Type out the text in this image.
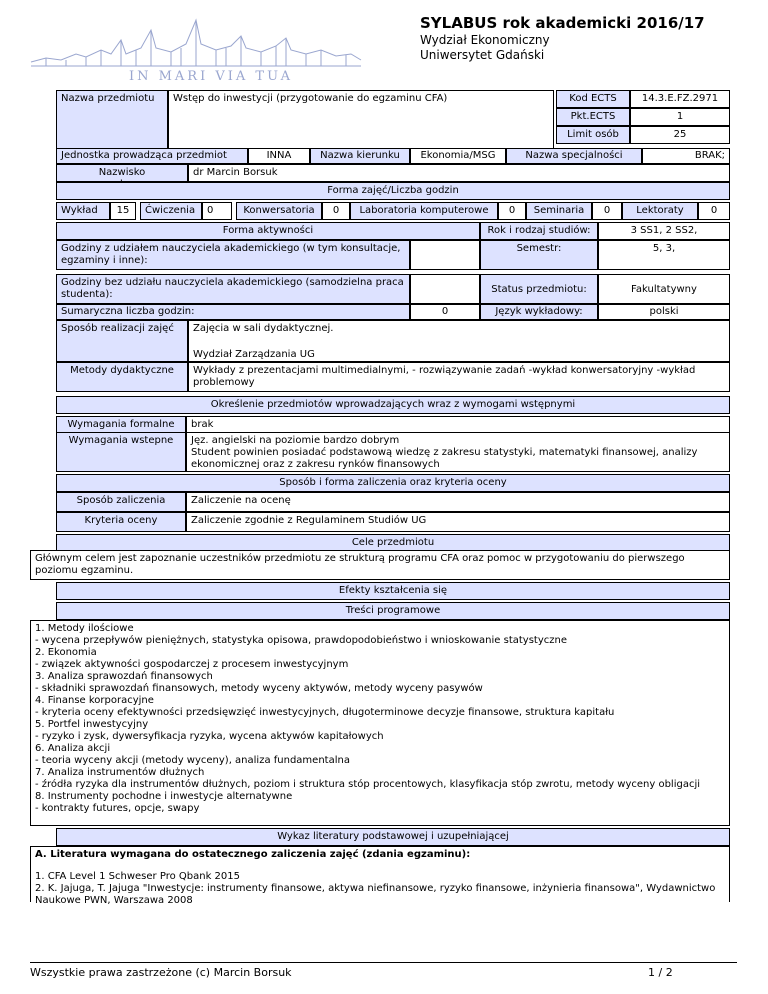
IN MARI VIA TUA
SYLABUS rok akademicki 2016/17
Wydział Ekonomiczny
Uniwersytet Gdański
Nazwa przedmiotu	Wstęp do inwestycji (przygotowanie do egzaminu CFA)	Kod ECTS	14.3.E.FZ.2971
Pkt.ECTS	1
Limit osób	25
Jednostka prowadząca przedmiot	INNA	Nazwa kierunku	Ekonomia/MSG	Nazwa specjalności	BRAK;
Nazwisko	dr Marcin Borsuk
Forma zajęć/Liczba godzin
Wykład	15	Ćwiczenia	0	Konwersatoria	0	Laboratoria komputerowe	0	Seminaria	0	Lektoraty	0
Forma aktywności	Rok i rodzaj studiów:	3 SS1, 2 SS2,
Godziny z udziałem nauczyciela akademickiego (w tym konsultacje, egzaminy i inne):
Semestr:	5, 3,
Godziny bez udziału nauczyciela akademickiego (samodzielna praca studenta):	Status przedmiotu:	Fakultatywny
Sumaryczna liczba godzin:	0	Język wykładowy:	polski
Sposób realizacji zajęć	Zajęcia w sali dydaktycznej.
Wydział Zarządzania UG
Metody dydaktyczne	Wykłady z prezentacjami multimedialnymi, - rozwiązywanie zadań -wykład konwersatoryjny -wykład problemowy
Określenie przedmiotów wprowadzających wraz z wymogami wstępnymi
Wymagania formalne	brak
Wymagania wstepne	Jęz. angielski na poziomie bardzo dobrym
Student powinien posiadać podstawową wiedzę z zakresu statystyki, matematyki finansowej, analizy ekonomicznej oraz z zakresu rynków finansowych
Sposób i forma zaliczenia oraz kryteria oceny
Sposób zaliczenia	Zaliczenie na ocenę
Kryteria oceny	Zaliczenie zgodnie z Regulaminem Studiów UG
Cele przedmiotu
Głównym celem jest zapoznanie uczestników przedmiotu ze strukturą programu CFA oraz pomoc w przygotowaniu do pierwszego poziomu egzaminu.
Efekty kształcenia się
Treści programowe
1. Metody ilościowe
- wycena przepływów pieniężnych, statystyka opisowa, prawdopodobieństwo i wnioskowanie statystyczne
2. Ekonomia
- związek aktywności gospodarczej z procesem inwestycyjnym
3. Analiza sprawozdań finansowych
- składniki sprawozdań finansowych, metody wyceny aktywów, metody wyceny pasywów
4. Finanse korporacyjne
- kryteria oceny efektywności przedsięwzięć inwestycyjnych, długoterminowe decyzje finansowe, struktura kapitału
5. Portfel inwestycyjny
- ryzyko i zysk, dywersyfikacja ryzyka, wycena aktywów kapitałowych
6. Analiza akcji
- teoria wyceny akcji (metody wyceny), analiza fundamentalna
7. Analiza instrumentów dłużnych
- źródła ryzyka dla instrumentów dłużnych, poziom i struktura stóp procentowych, klasyfikacja stóp zwrotu, metody wyceny obligacji
8. Instrumenty pochodne i inwestycje alternatywne
- kontrakty futures, opcje, swapy
Wykaz literatury podstawowej i uzupełniającej
A. Literatura wymagana do ostatecznego zaliczenia zajęć (zdania egzaminu):
1. CFA Level 1 Schweser Pro Qbank 2015
2. K. Jajuga, T. Jajuga "Inwestycje: instrumenty finansowe, aktywa niefinansowe, ryzyko finansowe, inżynieria finansowa", Wydawnictwo Naukowe PWN, Warszawa 2008
Wszystkie prawa zastrzeżone (c) Marcin Borsuk	1 / 2
